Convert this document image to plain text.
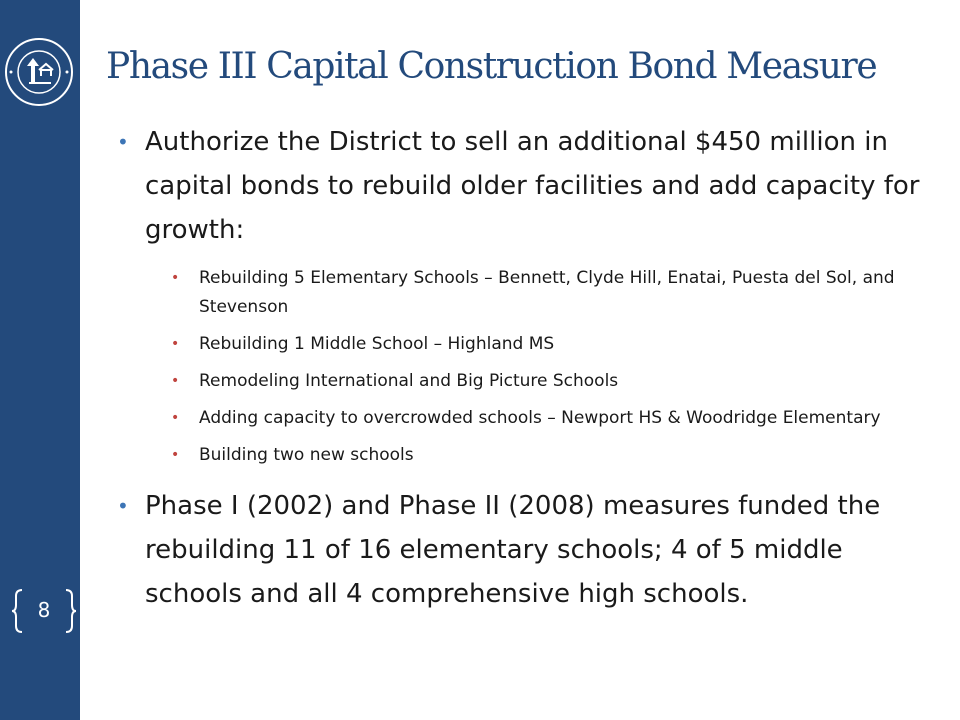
8
Phase III Capital Construction Bond Measure
• Authorize the District to sell an additional $450 million in capital bonds to rebuild older facilities and add capacity for growth:
• Rebuilding 5 Elementary Schools – Bennett, Clyde Hill, Enatai, Puesta del Sol, and Stevenson
• Rebuilding 1 Middle School – Highland MS
• Remodeling International and Big Picture Schools
• Adding capacity to overcrowded schools – Newport HS & Woodridge Elementary
• Building two new schools
• Phase I (2002) and Phase II (2008) measures funded the rebuilding 11 of 16 elementary schools; 4 of 5 middle schools and all 4 comprehensive high schools.
